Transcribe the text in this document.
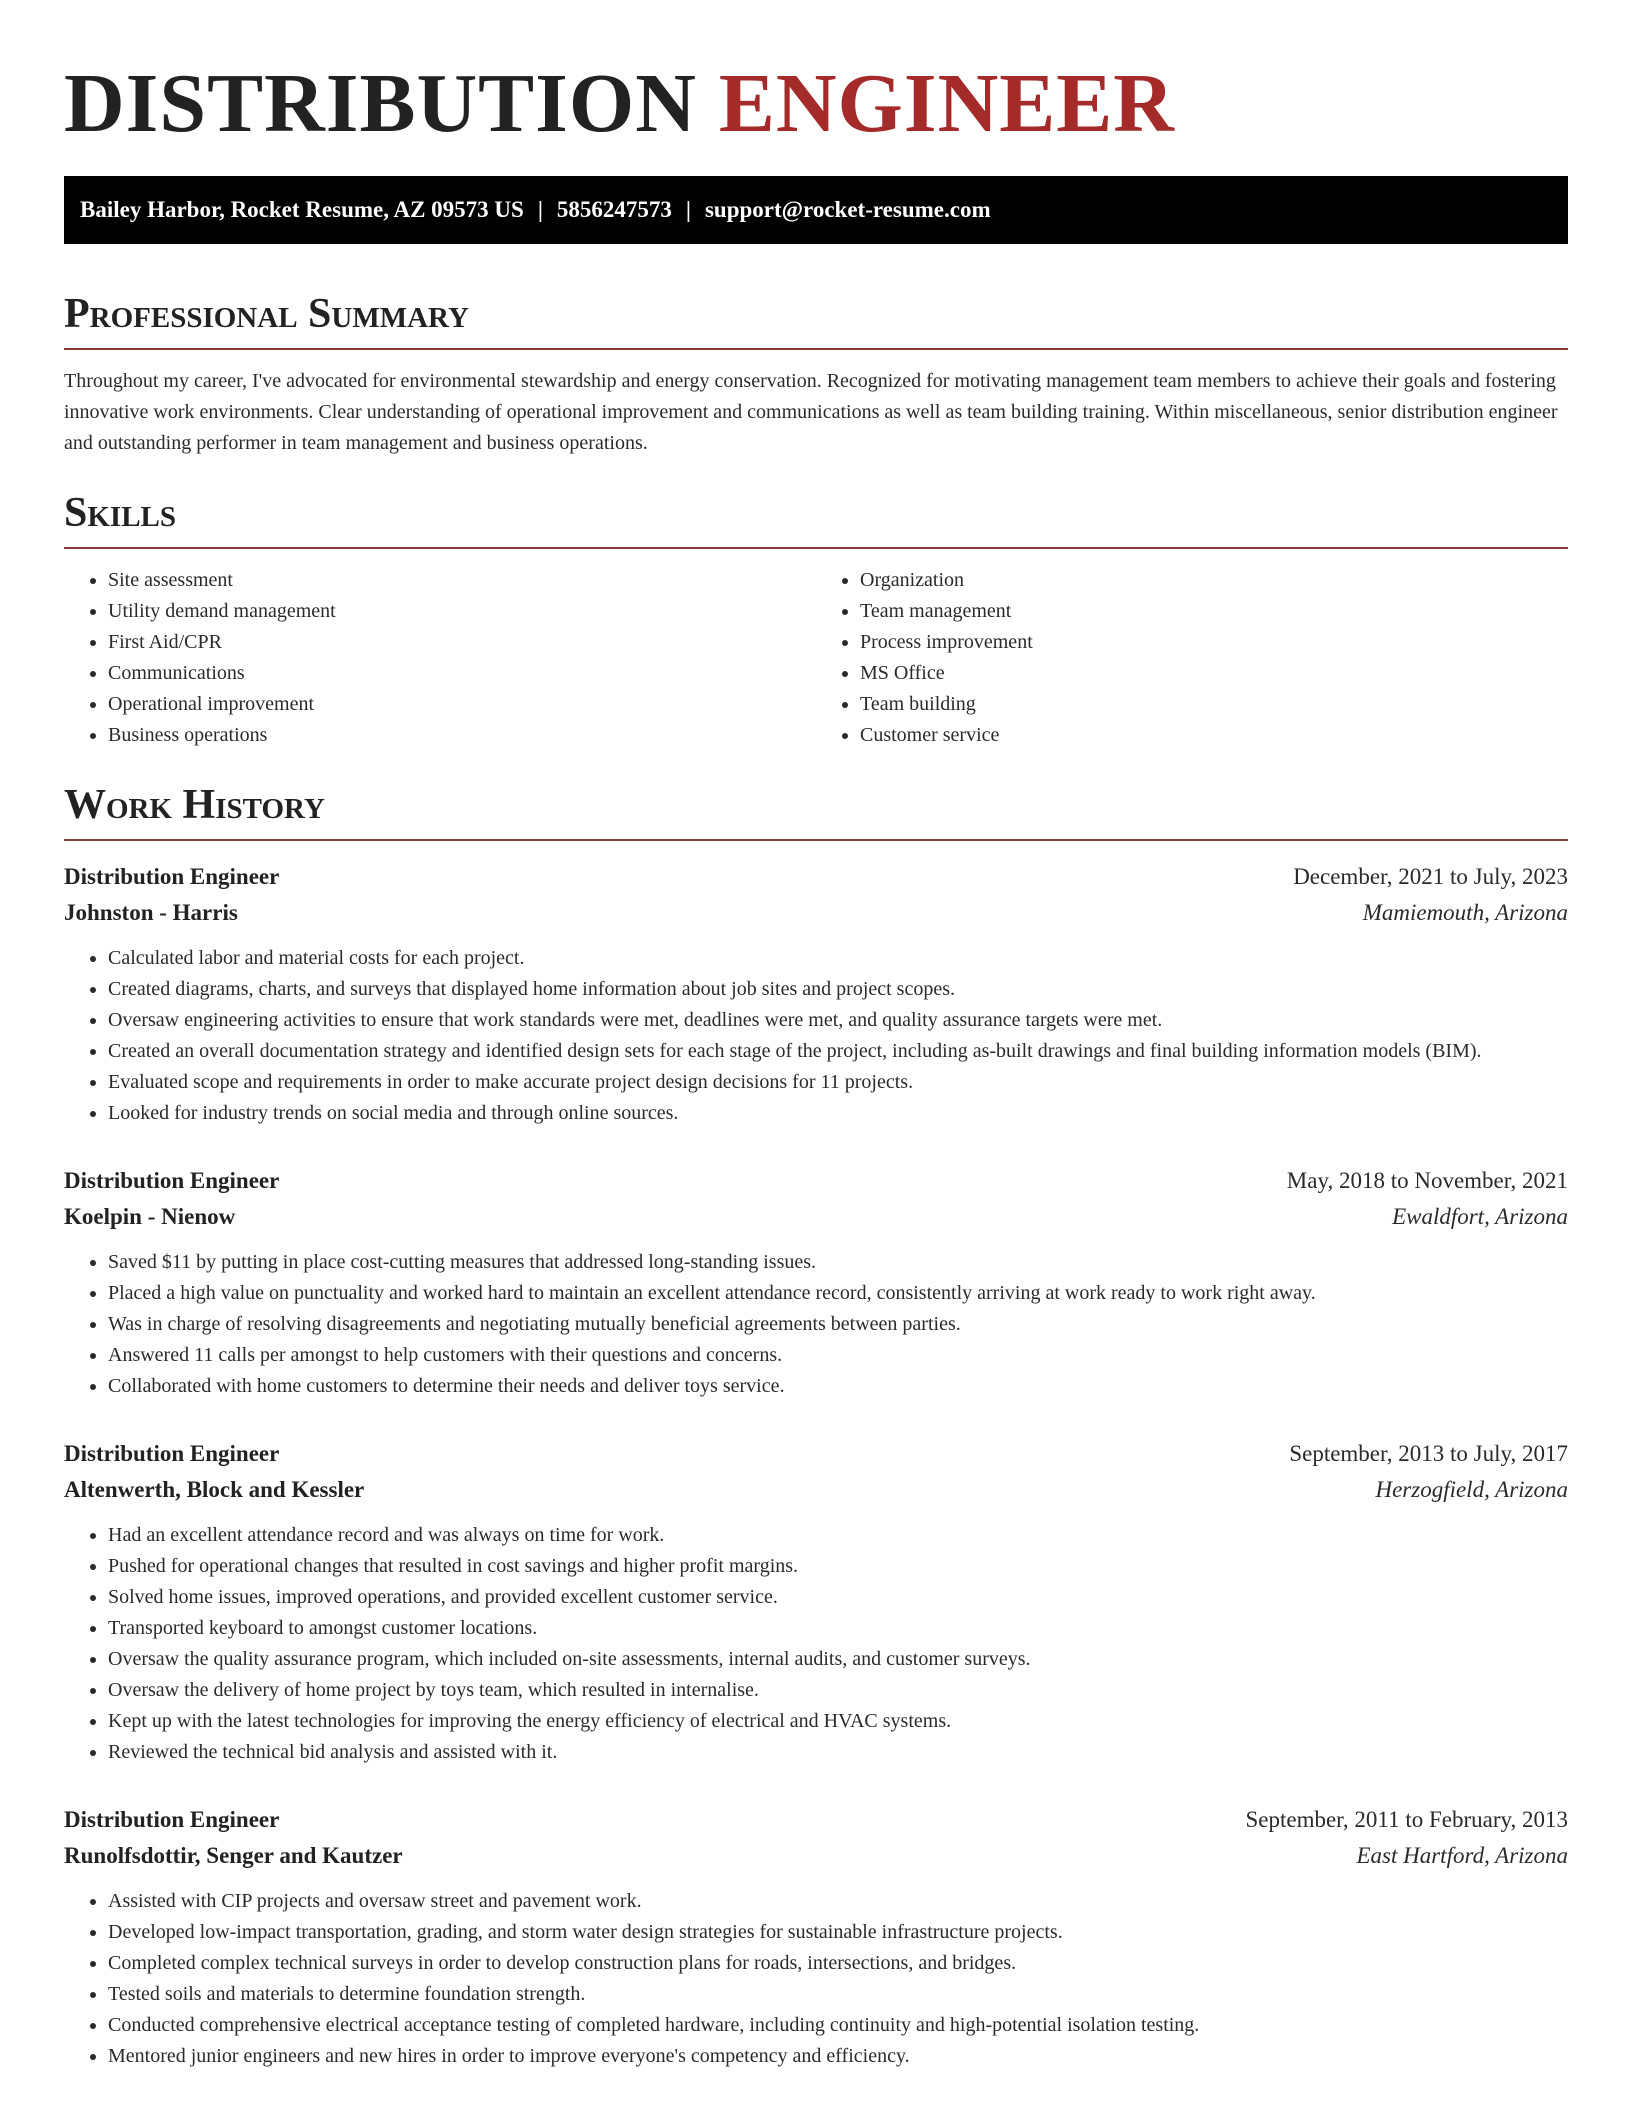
DISTRIBUTION ENGINEER
Bailey Harbor, Rocket Resume, AZ 09573 US | 5856247573 | support@rocket-resume.com
Professional Summary

Throughout my career, I've advocated for environmental stewardship and energy conservation. Recognized for motivating management team members to achieve their goals and fostering innovative work environments. Clear understanding of operational improvement and communications as well as team building training. Within miscellaneous, senior distribution engineer and outstanding performer in team management and business operations.

Skills
• Site assessment
• Utility demand management
• First Aid/CPR
• Communications
• Operational improvement
• Business operations
• Organization
• Team management
• Process improvement
• MS Office
• Team building
• Customer service
Work History
Distribution Engineer	December, 2021 to July, 2023
Johnston - Harris	Mamiemouth, Arizona
• Calculated labor and material costs for each project.
• Created diagrams, charts, and surveys that displayed home information about job sites and project scopes.
• Oversaw engineering activities to ensure that work standards were met, deadlines were met, and quality assurance targets were met.
• Created an overall documentation strategy and identified design sets for each stage of the project, including as-built drawings and final building information models (BIM).
• Evaluated scope and requirements in order to make accurate project design decisions for 11 projects.
• Looked for industry trends on social media and through online sources.
Distribution Engineer	May, 2018 to November, 2021
Koelpin - Nienow	Ewaldfort, Arizona
• Saved $11 by putting in place cost-cutting measures that addressed long-standing issues.
• Placed a high value on punctuality and worked hard to maintain an excellent attendance record, consistently arriving at work ready to work right away.
• Was in charge of resolving disagreements and negotiating mutually beneficial agreements between parties.
• Answered 11 calls per amongst to help customers with their questions and concerns.
• Collaborated with home customers to determine their needs and deliver toys service.
Distribution Engineer	September, 2013 to July, 2017
Altenwerth, Block and Kessler	Herzogfield, Arizona
• Had an excellent attendance record and was always on time for work.
• Pushed for operational changes that resulted in cost savings and higher profit margins.
• Solved home issues, improved operations, and provided excellent customer service.
• Transported keyboard to amongst customer locations.
• Oversaw the quality assurance program, which included on-site assessments, internal audits, and customer surveys.
• Oversaw the delivery of home project by toys team, which resulted in internalise.
• Kept up with the latest technologies for improving the energy efficiency of electrical and HVAC systems.
• Reviewed the technical bid analysis and assisted with it.
Distribution Engineer	September, 2011 to February, 2013
Runolfsdottir, Senger and Kautzer	East Hartford, Arizona
• Assisted with CIP projects and oversaw street and pavement work.
• Developed low-impact transportation, grading, and storm water design strategies for sustainable infrastructure projects.
• Completed complex technical surveys in order to develop construction plans for roads, intersections, and bridges.
• Tested soils and materials to determine foundation strength.
• Conducted comprehensive electrical acceptance testing of completed hardware, including continuity and high-potential isolation testing.
• Mentored junior engineers and new hires in order to improve everyone's competency and efficiency.
